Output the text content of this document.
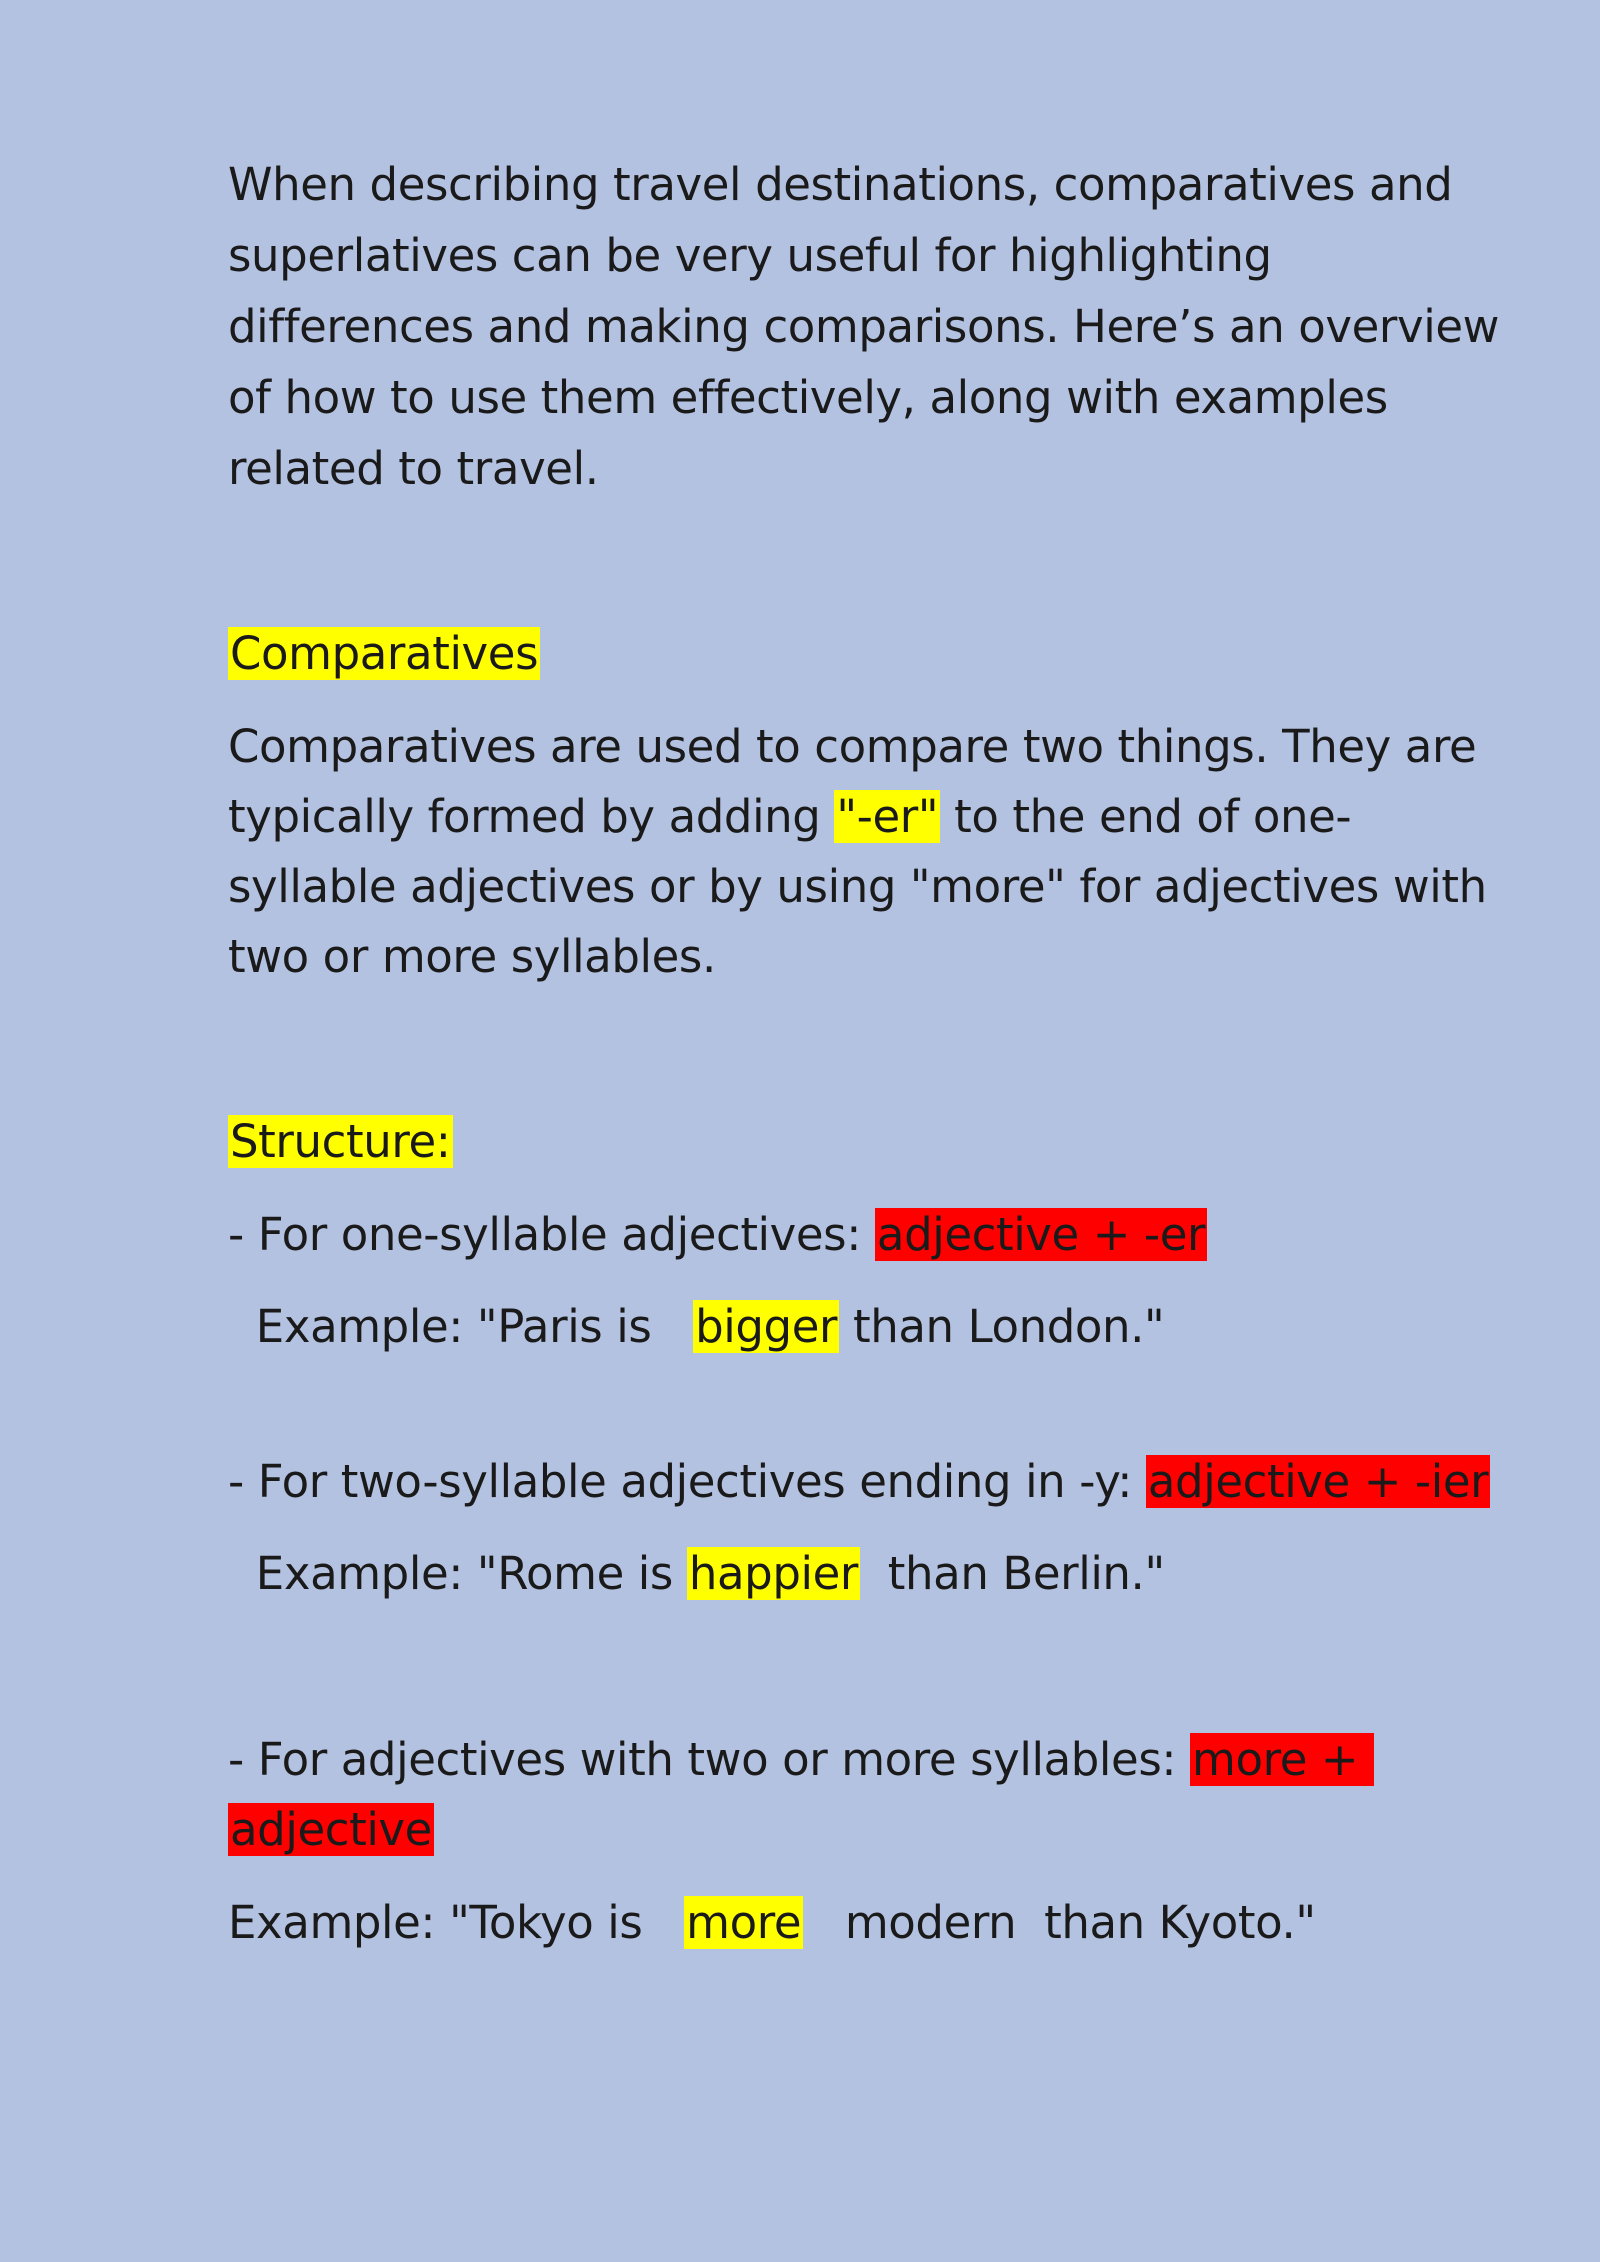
When describing travel destinations, comparatives and
superlatives can be very useful for highlighting
differences and making comparisons. Here’s an overview
of how to use them effectively, along with examples
related to travel.
Comparatives
Comparatives are used to compare two things. They are
typically formed by adding "-er" to the end of one-
syllable adjectives or by using "more" for adjectives with
two or more syllables.
Structure:
- For one-syllable adjectives: adjective + -er
Example: "Paris is   bigger than London."
- For two-syllable adjectives ending in -y: adjective + -ier
Example: "Rome is happier  than Berlin."
- For adjectives with two or more syllables: more +
adjective
Example: "Tokyo is   more   modern  than Kyoto."
